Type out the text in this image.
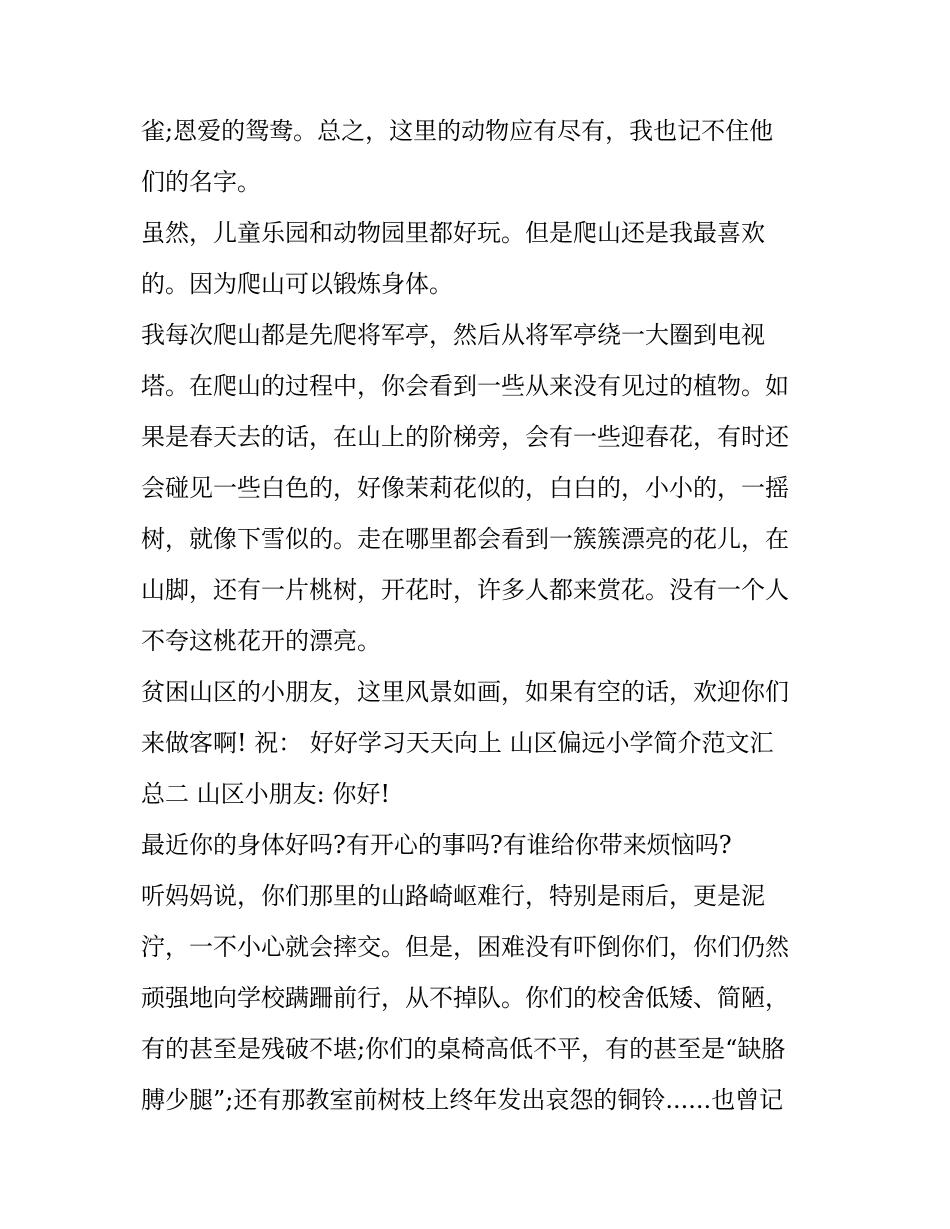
雀;恩爱的鸳鸯。总之，这里的动物应有尽有，我也记不住他
们的名字。
虽然，儿童乐园和动物园里都好玩。但是爬山还是我最喜欢
的。因为爬山可以锻炼身体。
我每次爬山都是先爬将军亭，然后从将军亭绕一大圈到电视
塔。在爬山的过程中，你会看到一些从来没有见过的植物。如
果是春天去的话，在山上的阶梯旁，会有一些迎春花，有时还
会碰见一些白色的，好像茉莉花似的，白白的，小小的，一摇
树，就像下雪似的。走在哪里都会看到一簇簇漂亮的花儿，在
山脚，还有一片桃树，开花时，许多人都来赏花。没有一个人
不夸这桃花开的漂亮。
贫困山区的小朋友，这里风景如画，如果有空的话，欢迎你们
来做客啊! 祝： 好好学习天天向上 山区偏远小学简介范文汇
总二 山区小朋友: 你好!
最近你的身体好吗?有开心的事吗?有谁给你带来烦恼吗?
听妈妈说，你们那里的山路崎岖难行，特别是雨后，更是泥
泞，一不小心就会摔交。但是，困难没有吓倒你们，你们仍然
顽强地向学校蹒跚前行，从不掉队。你们的校舍低矮、简陋，
有的甚至是残破不堪;你们的桌椅高低不平，有的甚至是“缺胳
膊少腿”;还有那教室前树枝上终年发出哀怨的铜铃......也曾记
